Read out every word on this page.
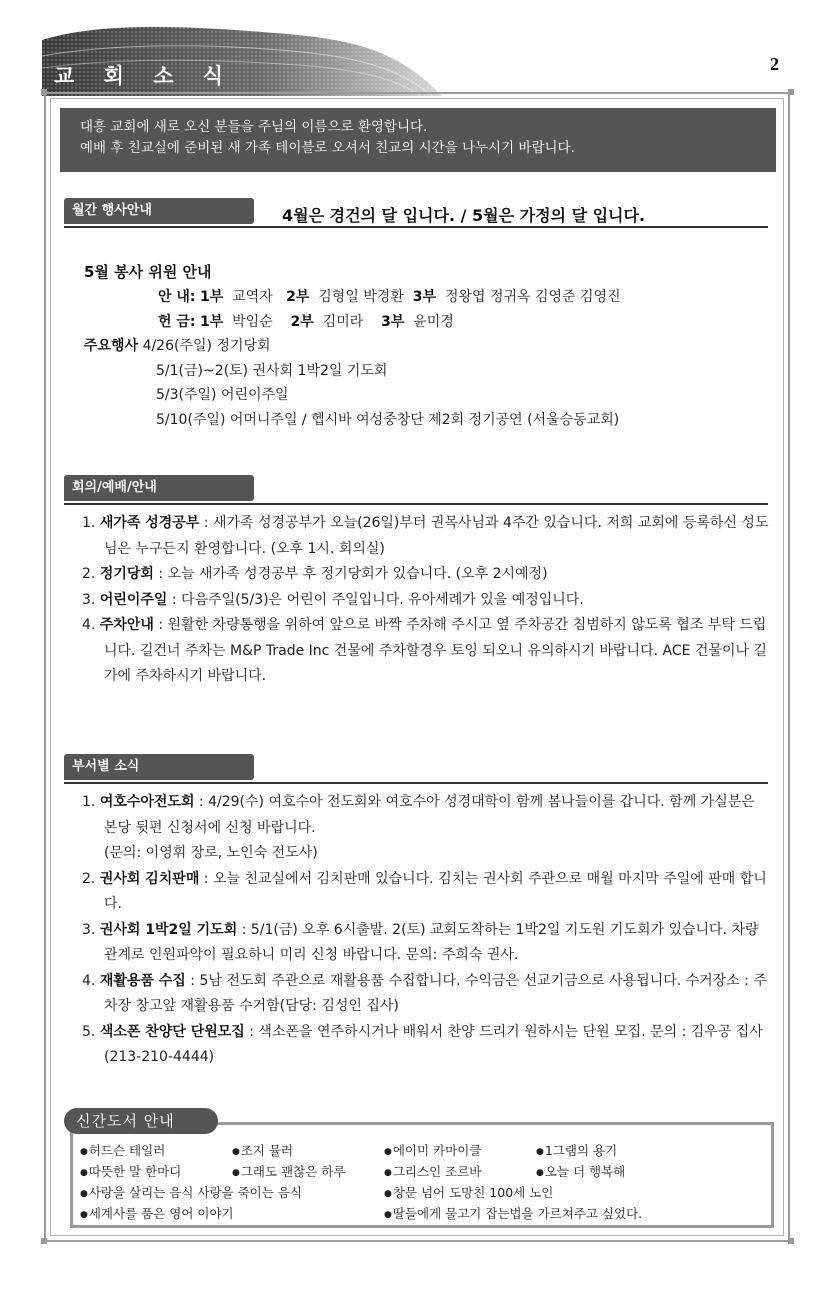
교 회 소 식	2
대흥 교회에 새로 오신 분들을 주님의 이름으로 환영합니다.
예배 후 친교실에 준비된 새 가족 테이블로 오셔서 친교의 시간을 나누시기 바랍니다.
월간 행사안내	4월은 경건의 달 입니다. / 5월은 가정의 달 입니다.
5월 봉사 위원 안내
안 내: 1부 교역자 2부 김형일 박경환 3부 정왕엽 정귀옥 김영준 김영진
헌 금: 1부 박임순 2부 김미라 3부 윤미경
주요행사 4/26(주일) 정기당회
5/1(금)~2(토) 권사회 1박2일 기도회
5/3(주일) 어린이주일
5/10(주일) 어머니주일 / 헵시바 여성중창단 제2회 정기공연 (서울승동교회)
회의/예배/안내
1. 새가족 성경공부 : 새가족 성경공부가 오늘(26일)부터 권목사님과 4주간 있습니다. 저희 교회에 등록하신 성도님은 누구든지 환영합니다. (오후 1시. 회의실)
2. 정기당회 : 오늘 새가족 성경공부 후 정기당회가 있습니다. (오후 2시예정)
3. 어린이주일 : 다음주일(5/3)은 어린이 주일입니다. 유아세례가 있을 예정입니다.
4. 주차안내 : 원활한 차량통행을 위하여 앞으로 바짝 주차해 주시고 옆 주차공간 침범하지 않도록 협조 부탁 드립니다. 길건너 주차는 M&P Trade Inc 건물에 주차할경우 토잉 되오니 유의하시기 바랍니다. ACE 건물이나 길가에 주차하시기 바랍니다.
부서별 소식
1. 여호수아전도회 : 4/29(수) 여호수아 전도회와 여호수아 성경대학이 함께 봄나들이를 갑니다. 함께 가실분은 본당 뒷편 신청서에 신청 바랍니다.
(문의: 이영휘 장로, 노인숙 전도사)
2. 권사회 김치판매 : 오늘 친교실에서 김치판매 있습니다. 김치는 권사회 주관으로 매월 마지막 주일에 판매 합니다.
3. 권사회 1박2일 기도회 : 5/1(금) 오후 6시출발. 2(토) 교회도착하는 1박2일 기도원 기도회가 있습니다. 차량관계로 인원파악이 필요하니 미리 신청 바랍니다. 문의: 주희숙 권사.
4. 재활용품 수집 : 5남 전도회 주관으로 재활용품 수집합니다. 수익금은 선교기금으로 사용됩니다. 수거장소 : 주차장 창고앞 재활용품 수거함(담당: 김성인 집사)
5. 색소폰 찬양단 단원모집 : 색소폰을 연주하시거나 배워서 찬양 드리기 원하시는 단원 모집. 문의 : 김우공 집사(213-210-4444)
신간도서 안내
● 허드슨 테일러	● 조지 뮬러	● 에이미 카마이클	● 1그램의 용기
● 따뜻한 말 한마디	● 그래도 괜찮은 하루	● 그리스인 조르바	● 오늘 더 행복해
● 사랑을 살리는 음식 사랑을 죽이는 음식	● 창문 넘어 도망친 100세 노인
● 세계사를 품은 영어 이야기	● 딸들에게 물고기 잡는법을 가르쳐주고 싶었다.
